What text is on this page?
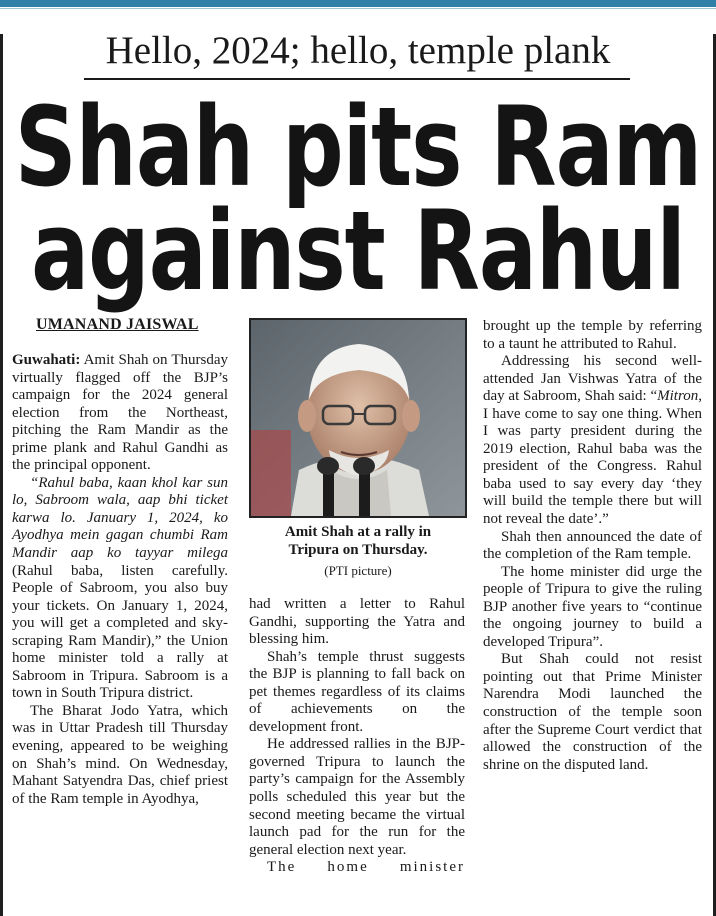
Hello, 2024; hello, temple plank
Shah pits Ram
against Rahul
UMANAND JAISWAL

Guwahati: Amit Shah on Thursday virtually flagged off the BJP’s campaign for the 2024 general election from the Northeast, pitching the Ram Mandir as the prime plank and Rahul Gandhi as the principal opponent.

“Rahul baba, kaan khol kar sun lo, Sabroom wala, aap bhi ticket karwa lo. January 1, 2024, ko Ayodhya mein gagan chumbi Ram Mandir aap ko tayyar milega (Rahul baba, listen carefully. People of Sabroom, you also buy your tickets. On January 1, 2024, you will get a completed and sky-scraping Ram Mandir),” the Union home minister told a rally at Sabroom in Tripura. Sabroom is a town in South Tripura district.

The Bharat Jodo Yatra, which was in Uttar Pradesh till Thursday evening, appeared to be weighing on Shah’s mind. On Wednesday, Mahant Satyendra Das, chief priest of the Ram temple in Ayodhya,

Amit Shah at a rally in
Tripura on Thursday.
(PTI picture)

had written a letter to Rahul Gandhi, supporting the Yatra and blessing him.

Shah’s temple thrust suggests the BJP is planning to fall back on pet themes regardless of its claims of achievements on the development front.

He addressed rallies in the BJP-governed Tripura to launch the party’s campaign for the Assembly polls scheduled this year but the second meeting became the virtual launch pad for the run for the general election next year.

The home minister

brought up the temple by referring to a taunt he attributed to Rahul.

Addressing his second well-attended Jan Vishwas Yatra of the day at Sabroom, Shah said: “Mitron, I have come to say one thing. When I was party president during the 2019 election, Rahul baba was the president of the Congress. Rahul baba used to say every day ‘they will build the temple there but will not reveal the date’.”

Shah then announced the date of the completion of the Ram temple.

The home minister did urge the people of Tripura to give the ruling BJP another five years to “continue the ongoing journey to build a developed Tripura”.

But Shah could not resist pointing out that Prime Minister Narendra Modi launched the construction of the temple soon after the Supreme Court verdict that allowed the construction of the shrine on the disputed land.
